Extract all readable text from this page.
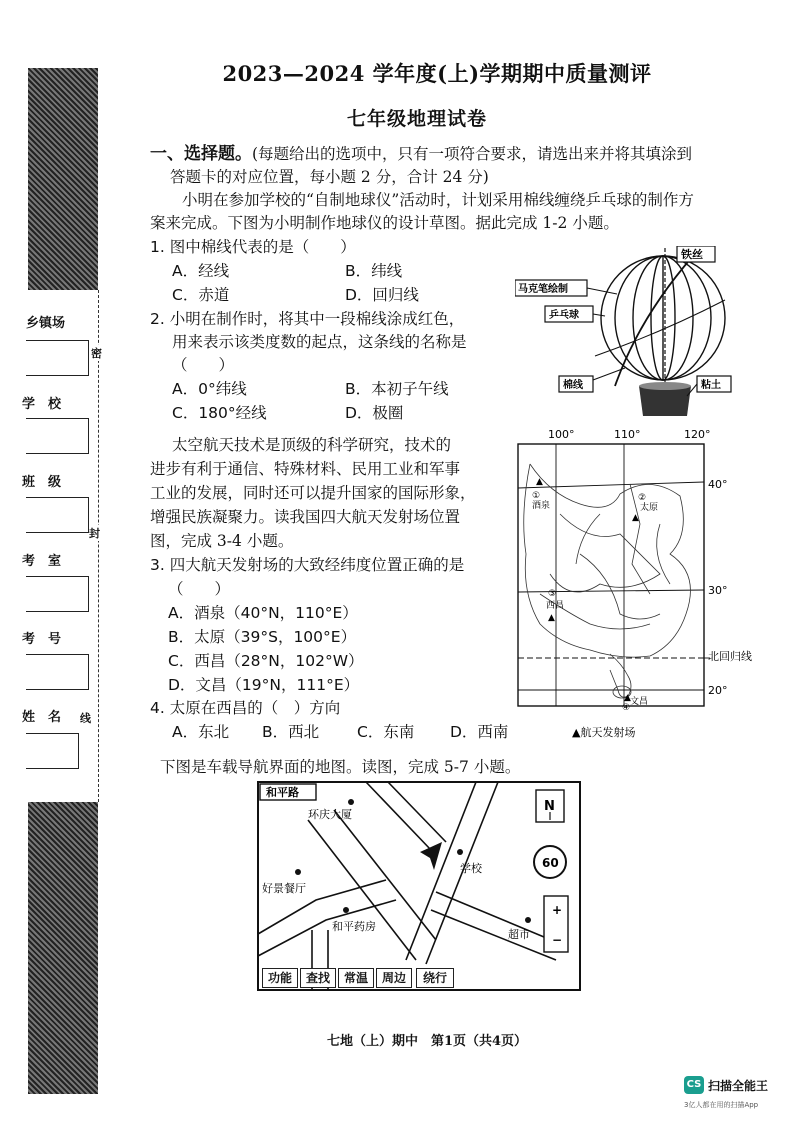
乡镇场
学　校
班　级
考　室
考　号
姓　名
密
封
线
2023—2024 学年度(上)学期期中质量测评
七年级地理试卷
一、选择题。(每题给出的选项中，只有一项符合要求，请选出来并将其填涂到
答题卡的对应位置，每小题 2 分，合计 24 分)
小明在参加学校的“自制地球仪”活动时，计划采用棉线缠绕乒乓球的制作方
案来完成。下图为小明制作地球仪的设计草图。据此完成 1-2 小题。
1. 图中棉线代表的是（　　）
A．经线	B．纬线
C．赤道	D．回归线
2. 小明在制作时，将其中一段棉线涂成红色，
用来表示该类度数的起点，这条线的名称是
（　　）
A．0°纬线	B．本初子午线
C．180°经线	D．极圈
铁丝
马克笔绘制
乒乓球
棉线	粘土
太空航天技术是顶级的科学研究，技术的
进步有利于通信、特殊材料、民用工业和军事
工业的发展，同时还可以提升国家的国际形象，
增强民族凝聚力。读我国四大航天发射场位置
图，完成 3-4 小题。
3. 四大航天发射场的大致经纬度位置正确的是
（　　）
A．酒泉（40°N，110°E）
B．太原（39°S，100°E）
C．西昌（28°N，102°W）
D．文昌（19°N，111°E）
4. 太原在西昌的（　）方向
A．东北 B．西北 C．东南 D．西南
100°	110°	120°
①
酒泉
▲
②
太原
▲
③
西昌
▲
④
文昌
▲
40°
30°
北回归线
20°
▲航天发射场
下图是车载导航界面的地图。读图，完成 5-7 小题。
和平路
环庆大厦
学校
好景餐厅
和平药房
超市
N
60
+
−
功能	查找	常温	周边	绕行
七地（上）期中　第1页（共4页）
CS 扫描全能王
3亿人都在用的扫描App
